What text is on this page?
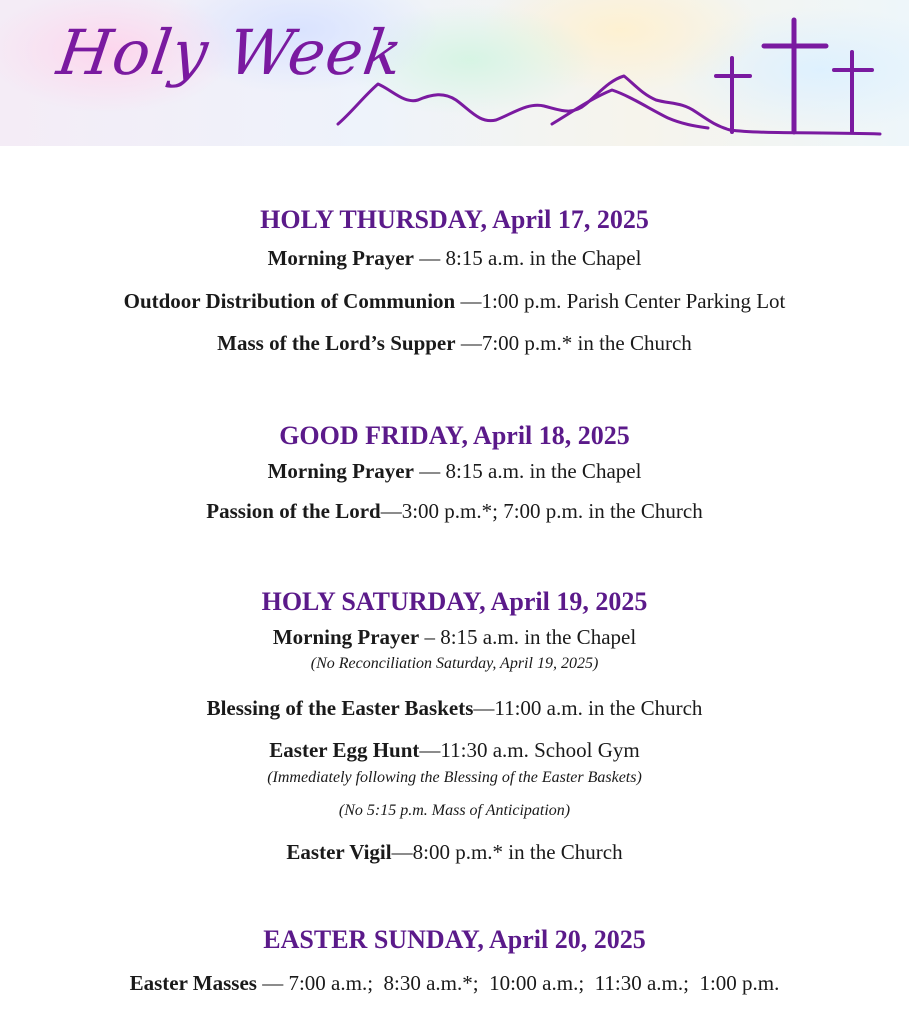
Holy Week
HOLY THURSDAY, April 17, 2025
Morning Prayer — 8:15 a.m. in the Chapel
Outdoor Distribution of Communion —1:00 p.m. Parish Center Parking Lot
Mass of the Lord’s Supper —7:00 p.m.* in the Church
GOOD FRIDAY, April 18, 2025
Morning Prayer — 8:15 a.m. in the Chapel
Passion of the Lord—3:00 p.m.*; 7:00 p.m. in the Church
HOLY SATURDAY, April 19, 2025
Morning Prayer – 8:15 a.m. in the Chapel
(No Reconciliation Saturday, April 19, 2025)
Blessing of the Easter Baskets—11:00 a.m. in the Church
Easter Egg Hunt—11:30 a.m. School Gym
(Immediately following the Blessing of the Easter Baskets)
(No 5:15 p.m. Mass of Anticipation)
Easter Vigil—8:00 p.m.* in the Church
EASTER SUNDAY, April 20, 2025
Easter Masses — 7:00 a.m.;  8:30 a.m.*;  10:00 a.m.;  11:30 a.m.;  1:00 p.m.
